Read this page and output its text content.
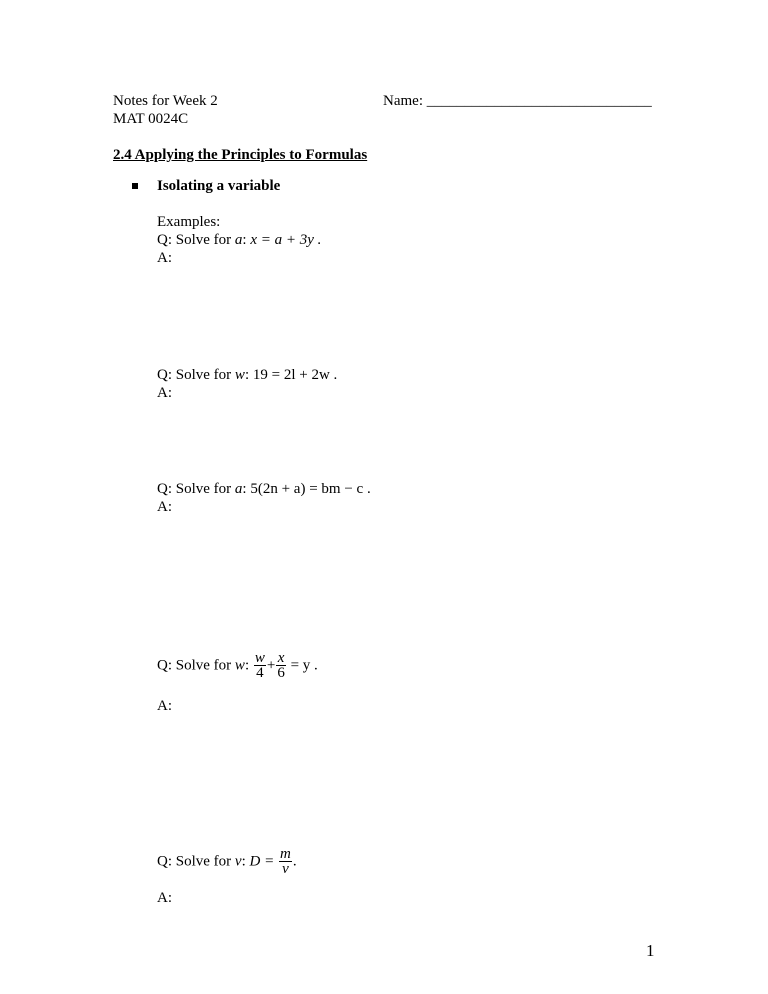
Notes for Week 2
MAT 0024C
Name: ______________________________
2.4 Applying the Principles to Formulas
Isolating a variable
Examples:
Q: Solve for a: x = a + 3y .
A:
Q: Solve for w: 19 = 2l + 2w .
A:
Q: Solve for a: 5(2n + a) = bm − c .
A:
Q: Solve for w: $\frac{w}{4} + \frac{x}{6} = y$ .
A:
Q: Solve for v: $D = \frac{m}{v}$ .
A:
1
